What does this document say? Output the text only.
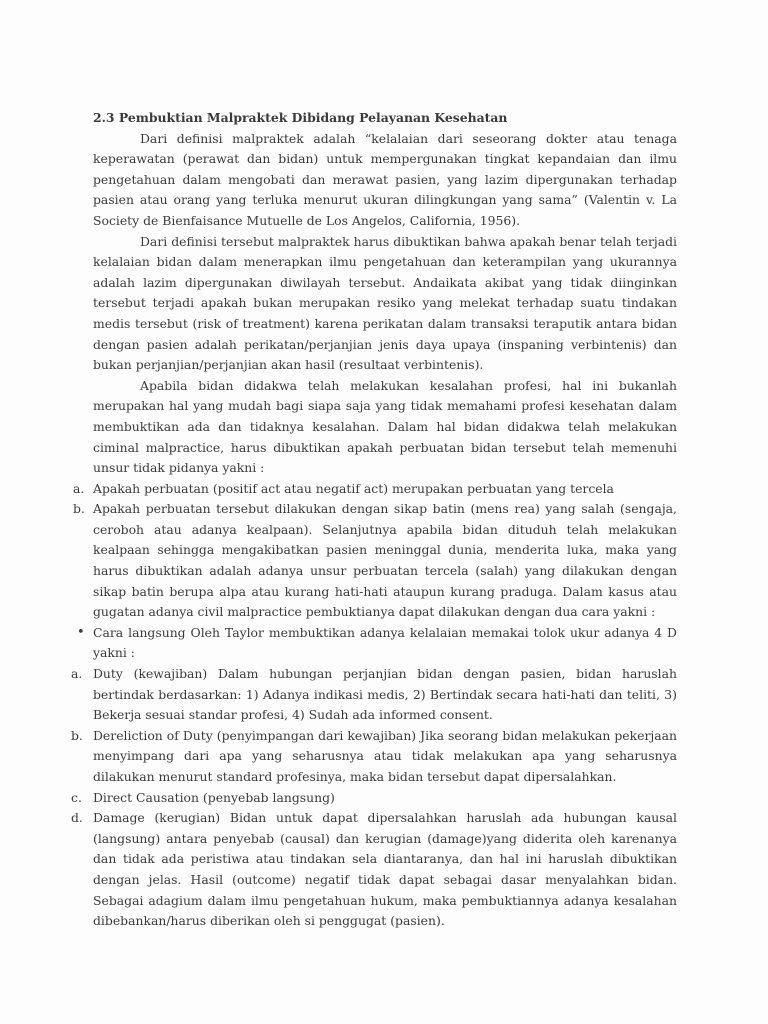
2.3 Pembuktian Malpraktek Dibidang Pelayanan Kesehatan

Dari definisi malpraktek adalah “kelalaian dari seseorang dokter atau tenaga keperawatan (perawat dan bidan) untuk mempergunakan tingkat kepandaian dan ilmu pengetahuan dalam mengobati dan merawat pasien, yang lazim dipergunakan terhadap pasien atau orang yang terluka menurut ukuran dilingkungan yang sama” (Valentin v. La Society de Bienfaisance Mutuelle de Los Angelos, California, 1956).

Dari definisi tersebut malpraktek harus dibuktikan bahwa apakah benar telah terjadi kelalaian bidan dalam menerapkan ilmu pengetahuan dan keterampilan yang ukurannya adalah lazim dipergunakan diwilayah tersebut. Andaikata akibat yang tidak diinginkan tersebut terjadi apakah bukan merupakan resiko yang melekat terhadap suatu tindakan medis tersebut (risk of treatment) karena perikatan dalam transaksi teraputik antara bidan dengan pasien adalah perikatan/perjanjian jenis daya upaya (inspaning verbintenis) dan bukan perjanjian/perjanjian akan hasil (resultaat verbintenis).

Apabila bidan didakwa telah melakukan kesalahan profesi, hal ini bukanlah merupakan hal yang mudah bagi siapa saja yang tidak memahami profesi kesehatan dalam membuktikan ada dan tidaknya kesalahan. Dalam hal bidan didakwa telah melakukan ciminal malpractice, harus dibuktikan apakah perbuatan bidan tersebut telah memenuhi unsur tidak pidanya yakni :

a. Apakah perbuatan (positif act atau negatif act) merupakan perbuatan yang tercela
b. Apakah perbuatan tersebut dilakukan dengan sikap batin (mens rea) yang salah (sengaja, ceroboh atau adanya kealpaan). Selanjutnya apabila bidan dituduh telah melakukan kealpaan sehingga mengakibatkan pasien meninggal dunia, menderita luka, maka yang harus dibuktikan adalah adanya unsur perbuatan tercela (salah) yang dilakukan dengan sikap batin berupa alpa atau kurang hati-hati ataupun kurang praduga. Dalam kasus atau gugatan adanya civil malpractice pembuktianya dapat dilakukan dengan dua cara yakni :
• Cara langsung Oleh Taylor membuktikan adanya kelalaian memakai tolok ukur adanya 4 D yakni :
a. Duty (kewajiban) Dalam hubungan perjanjian bidan dengan pasien, bidan haruslah bertindak berdasarkan: 1) Adanya indikasi medis, 2) Bertindak secara hati-hati dan teliti, 3) Bekerja sesuai standar profesi, 4) Sudah ada informed consent.
b. Dereliction of Duty (penyimpangan dari kewajiban) Jika seorang bidan melakukan pekerjaan menyimpang dari apa yang seharusnya atau tidak melakukan apa yang seharusnya dilakukan menurut standard profesinya, maka bidan tersebut dapat dipersalahkan.
c. Direct Causation (penyebab langsung)
d. Damage (kerugian) Bidan untuk dapat dipersalahkan haruslah ada hubungan kausal (langsung) antara penyebab (causal) dan kerugian (damage)yang diderita oleh karenanya dan tidak ada peristiwa atau tindakan sela diantaranya, dan hal ini haruslah dibuktikan dengan jelas. Hasil (outcome) negatif tidak dapat sebagai dasar menyalahkan bidan. Sebagai adagium dalam ilmu pengetahuan hukum, maka pembuktiannya adanya kesalahan dibebankan/harus diberikan oleh si penggugat (pasien).
